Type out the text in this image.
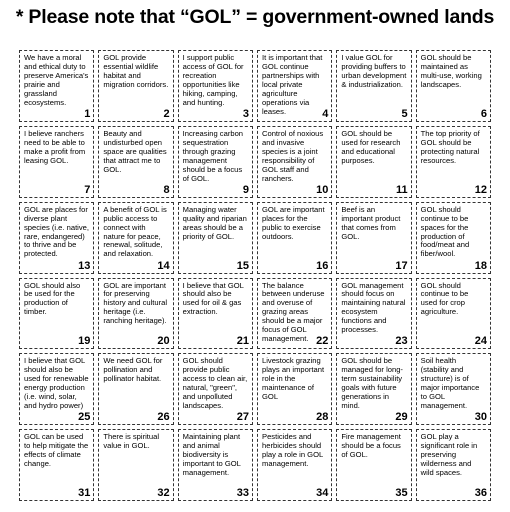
* Please note that “GOL” = government-owned lands
We have a moral and ethical duty to preserve America's prairie and grassland ecosystems.
1
GOL provide essential wildlife habitat and migration corridors.
2
I support public access of GOL for recreation opportunities like hiking, camping, and hunting.
3
It is important that GOL continue partnerships with local private agriculture operations via leases.	4
I value GOL for providing buffers to urban development & industrialization.
5
GOL should be maintained as multi-use, working landscapes.
6
I believe ranchers need to be able to make a profit from leasing GOL.
7
Beauty and undisturbed open space are qualities that attract me to GOL.
8
Increasing carbon sequestration through grazing management should be a focus of GOL.
9
Control of noxious and invasive species is a joint responsibility of GOL staff and ranchers.
10
GOL should be used for research and educational purposes.
11
The top priority of GOL should be protecting natural resources.
12
GOL are places for diverse plant species (i.e. native, rare, endangered) to thrive and be protected.
13
A benefit of GOL is public access to connect with nature for peace, renewal, solitude, and relaxation.
14
Managing water quality and riparian areas should be a priority of GOL.
15
GOL are important places for the public to exercise outdoors.
16
Beef is an important product that comes from GOL.
17
GOL should continue to be spaces for the production of food/meat and fiber/wool.
18
GOL should also be used for the production of timber.
19
GOL are important for preserving history and cultural heritage (i.e. ranching heritage).
20
I believe that GOL should also be used for oil & gas extraction.
21
The balance between underuse and overuse of grazing areas should be a major focus of GOL management. 22
GOL management should focus on maintaining natural ecosystem functions and processes.
23
GOL should continue to be used for crop agriculture.
24
I believe that GOL should also be used for renewable energy production (i.e. wind, solar, and hydro power)
25
We need GOL for pollination and pollinator habitat.
26
GOL should provide public access to clean air, natural, "green", and unpolluted landscapes.
27
Livestock grazing plays an important role in the maintenance of GOL
28
GOL should be managed for long-term sustainability goals with future generations in mind.
29
Soil health (stability and structure) is of major importance to GOL management.
30
GOL can be used to help mitigate the effects of climate change.
31
There is spiritual value in GOL.
32
Maintaining plant and animal biodiversity is important to GOL management.
33
Pesticides and herbicides should play a role in GOL management.
34
Fire management should be a focus of GOL.
35
GOL play a significant role in preserving wilderness and wild spaces.
36
